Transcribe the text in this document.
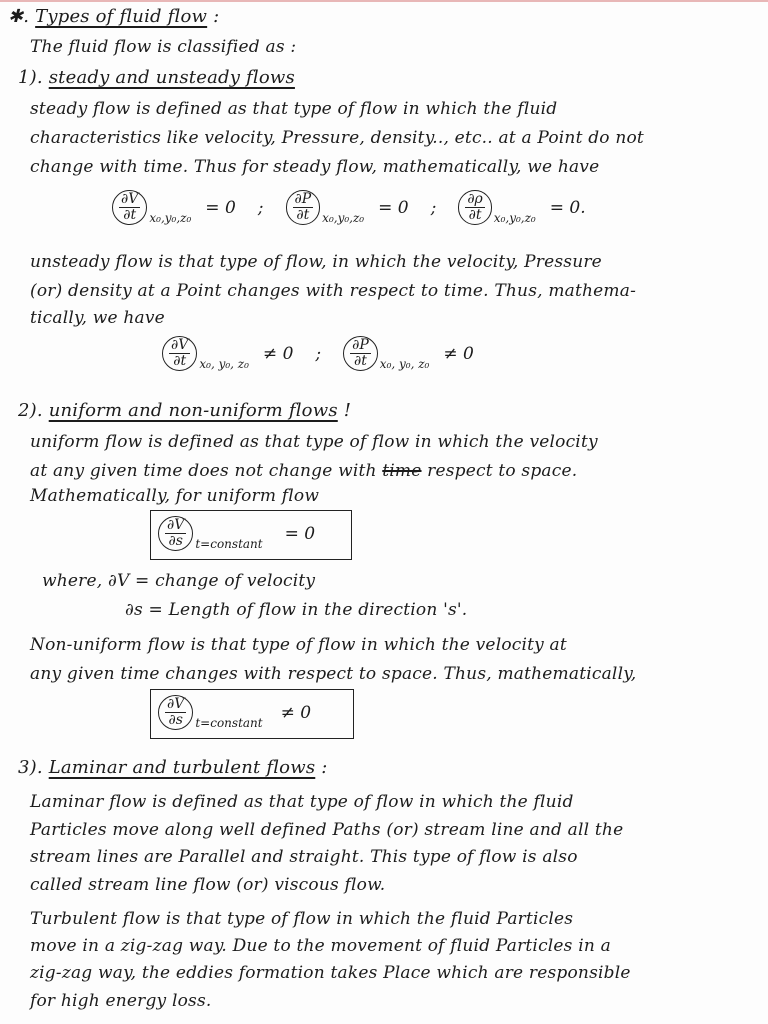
✱. Types of fluid flow :
The fluid flow is classified as :
1). steady and unsteady flows
steady flow is defined as that type of flow in which the fluid
characteristics like velocity, Pressure, density.., etc.. at a Point do not
change with time. Thus for steady flow, mathematically, we have
$\frac{\partial V}{\partial t} x_0,y_0,z_0$
= 0 ; $\frac{\partial P}{\partial t} x_0,y_0,z_0$
= 0 ; $\frac{\partial\rho}{\partial t} x_0,y_0,z_0$
= 0 .
unsteady flow is that type of flow, in which the velocity, Pressure
(or) density at a Point changes with respect to time. Thus, mathema-
tically, we have
$\frac{\partial V}{\partial t} x_0$, y₀, z₀
≠ 0 ; $\frac{\partial P}{\partial t} x_0$, y₀, z₀
≠ 0
2). uniform and non-uniform flows !
uniform flow is defined as that type of flow in which the velocity
at any given time does not change with time respect to space.
Mathematically, for uniform flow
$\frac{\partial V}{\partial s}$ t=constant
= 0
where, ∂V = change of velocity
∂s = Length of flow in the direction 's'.
Non-uniform flow is that type of flow in which the velocity at
any given time changes with respect to space. Thus, mathematically,
$\frac{\partial V}{\partial s}$ t=constant
≠ 0
3). Laminar and turbulent flows :
Laminar flow is defined as that type of flow in which the fluid
Particles move along well defined Paths (or) stream line and all the
stream lines are Parallel and straight. This type of flow is also
called stream line flow (or) viscous flow.
Turbulent flow is that type of flow in which the fluid Particles
move in a zig-zag way. Due to the movement of fluid Particles in a
zig-zag way, the eddies formation takes Place which are responsible
for high energy loss.
